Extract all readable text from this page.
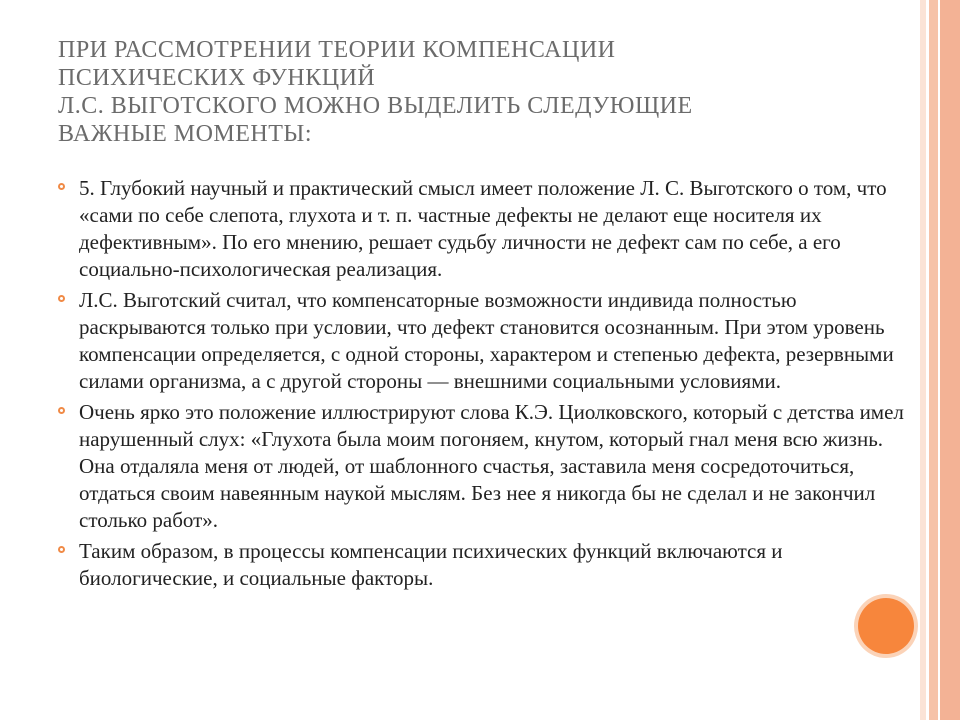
ПРИ РАССМОТРЕНИИ ТЕОРИИ КОМПЕНСАЦИИ
ПСИХИЧЕСКИХ ФУНКЦИЙ
Л.С. ВЫГОТСКОГО МОЖНО ВЫДЕЛИТЬ СЛЕДУЮЩИЕ
ВАЖНЫЕ МОМЕНТЫ:
5. Глубокий научный и практический смысл имеет положение Л. С. Выготского о том, что «сами по себе слепота, глухота и т. п. частные дефекты не делают еще носителя их дефективным». По его мнению, решает судьбу личности не дефект сам по себе, а его социально-психологическая реализация.
Л.С. Выготский считал, что компенсаторные возможности индивида полностью раскрываются только при условии, что дефект становится осознанным. При этом уровень компенсации определяется, с одной стороны, характером и степенью дефекта, резервными силами организма, а с другой стороны — внешними социальными условиями.
Очень ярко это положение иллюстрируют слова К.Э. Циолковского, который с детства имел нарушенный слух: «Глухота была моим погоняем, кнутом, который гнал меня всю жизнь. Она отдаляла меня от людей, от шаблонного счастья, заставила меня сосредоточиться, отдаться своим навеянным наукой мыслям. Без нее я никогда бы не сделал и не закончил столько работ».
Таким образом, в процессы компенсации психических функций включаются и биологические, и социальные факторы.
